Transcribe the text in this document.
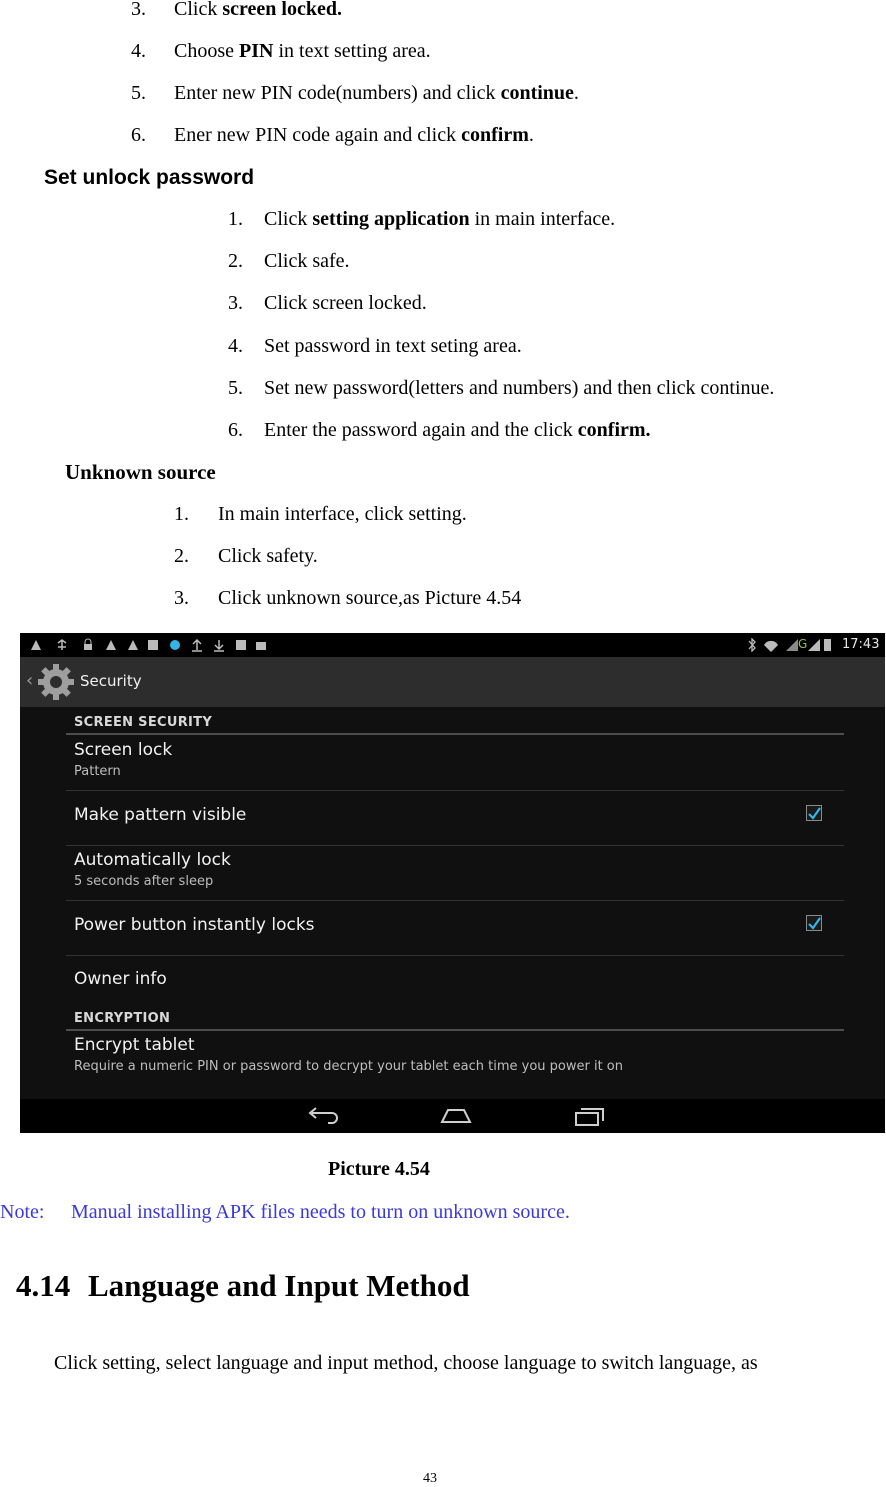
3. Click screen locked.
4. Choose PIN in text setting area.
5. Enter new PIN code(numbers) and click continue.
6. Ener new PIN code again and click confirm.
Set unlock password
1. Click setting application in main interface.
2. Click safe.
3. Click screen locked.
4. Set password in text seting area.
5. Set new password(letters and numbers) and then click continue.
6. Enter the password again and the click confirm.
Unknown source
1. In main interface, click setting.
2. Click safety.
3. Click unknown source,as Picture 4.54
G	17:43
‹	Security
SCREEN SECURITY
Screen lock
Pattern
Make pattern visible
Automatically lock
5 seconds after sleep
Power button instantly locks
Owner info
ENCRYPTION
Encrypt tablet
Require a numeric PIN or password to decrypt your tablet each time you power it on
Picture 4.54
Note: Manual installing APK files needs to turn on unknown source.
4.14 Language and Input Method
Click setting, select language and input method, choose language to switch language, as
43
